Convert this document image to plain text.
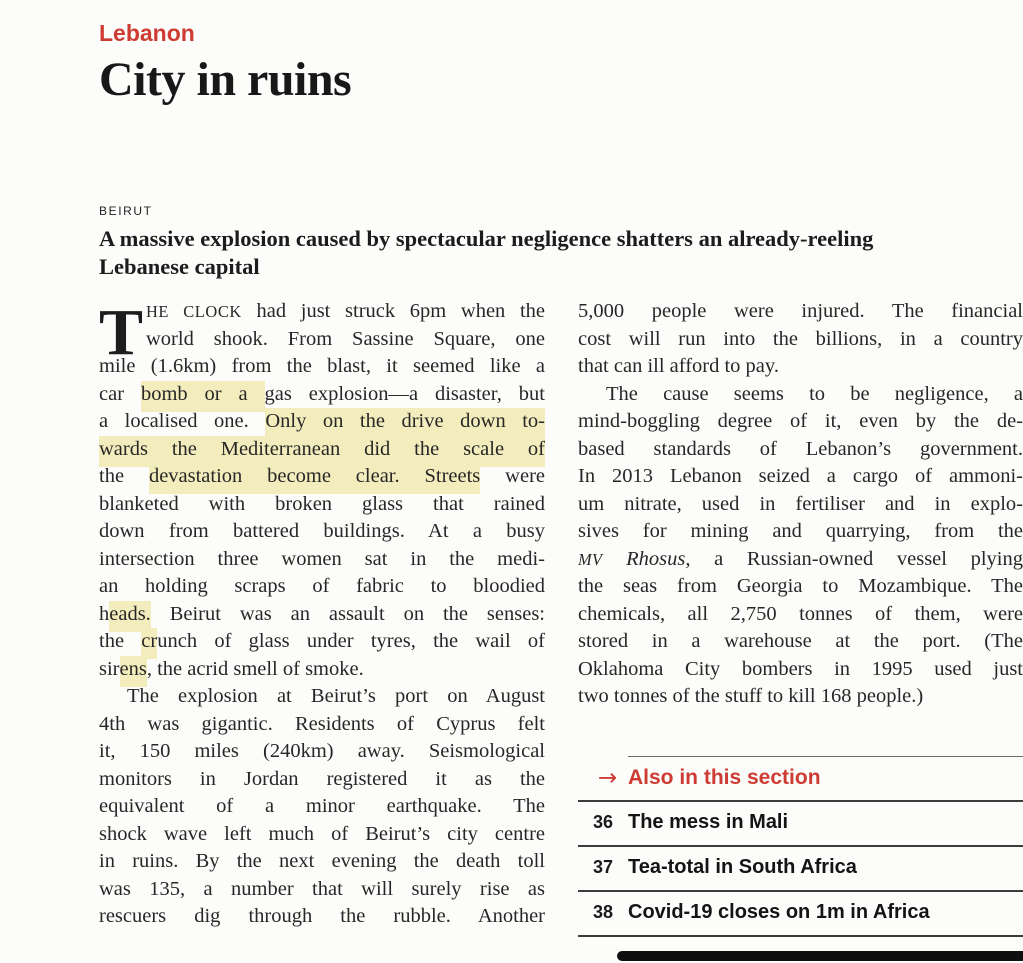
Lebanon
City in ruins
BEIRUT
A massive explosion caused by spectacular negligence shatters an already-reeling
Lebanese capital
T HE CLOCK had just struck 6pm when the
world shook. From Sassine Square, one
mile (1.6km) from the blast, it seemed like a
car bomb or a gas explosion—a disaster, but
a localised one. Only on the drive down to-
wards the Mediterranean did the scale of
the devastation become clear. Streets were
blanketed with broken glass that rained
down from battered buildings. At a busy
intersection three women sat in the medi-
an holding scraps of fabric to bloodied
heads. Beirut was an assault on the senses:
the crunch of glass under tyres, the wail of
sirens, the acrid smell of smoke.
The explosion at Beirut’s port on August
4th was gigantic. Residents of Cyprus felt
it, 150 miles (240km) away. Seismological
monitors in Jordan registered it as the
equivalent of a minor earthquake. The
shock wave left much of Beirut’s city centre
in ruins. By the next evening the death toll
was 135, a number that will surely rise as
rescuers dig through the rubble. Another
5,000 people were injured. The financial
cost will run into the billions, in a country
that can ill afford to pay.
The cause seems to be negligence, a
mind-boggling degree of it, even by the de-
based standards of Lebanon’s government.
In 2013 Lebanon seized a cargo of ammoni-
um nitrate, used in fertiliser and in explo-
sives for mining and quarrying, from the
MV Rhosus, a Russian-owned vessel plying
the seas from Georgia to Mozambique. The
chemicals, all 2,750 tonnes of them, were
stored in a warehouse at the port. (The
Oklahoma City bombers in 1995 used just
two tonnes of the stuff to kill 168 people.)
→ Also in this section
36 The mess in Mali
37 Tea-total in South Africa
38 Covid-19 closes on 1m in Africa
